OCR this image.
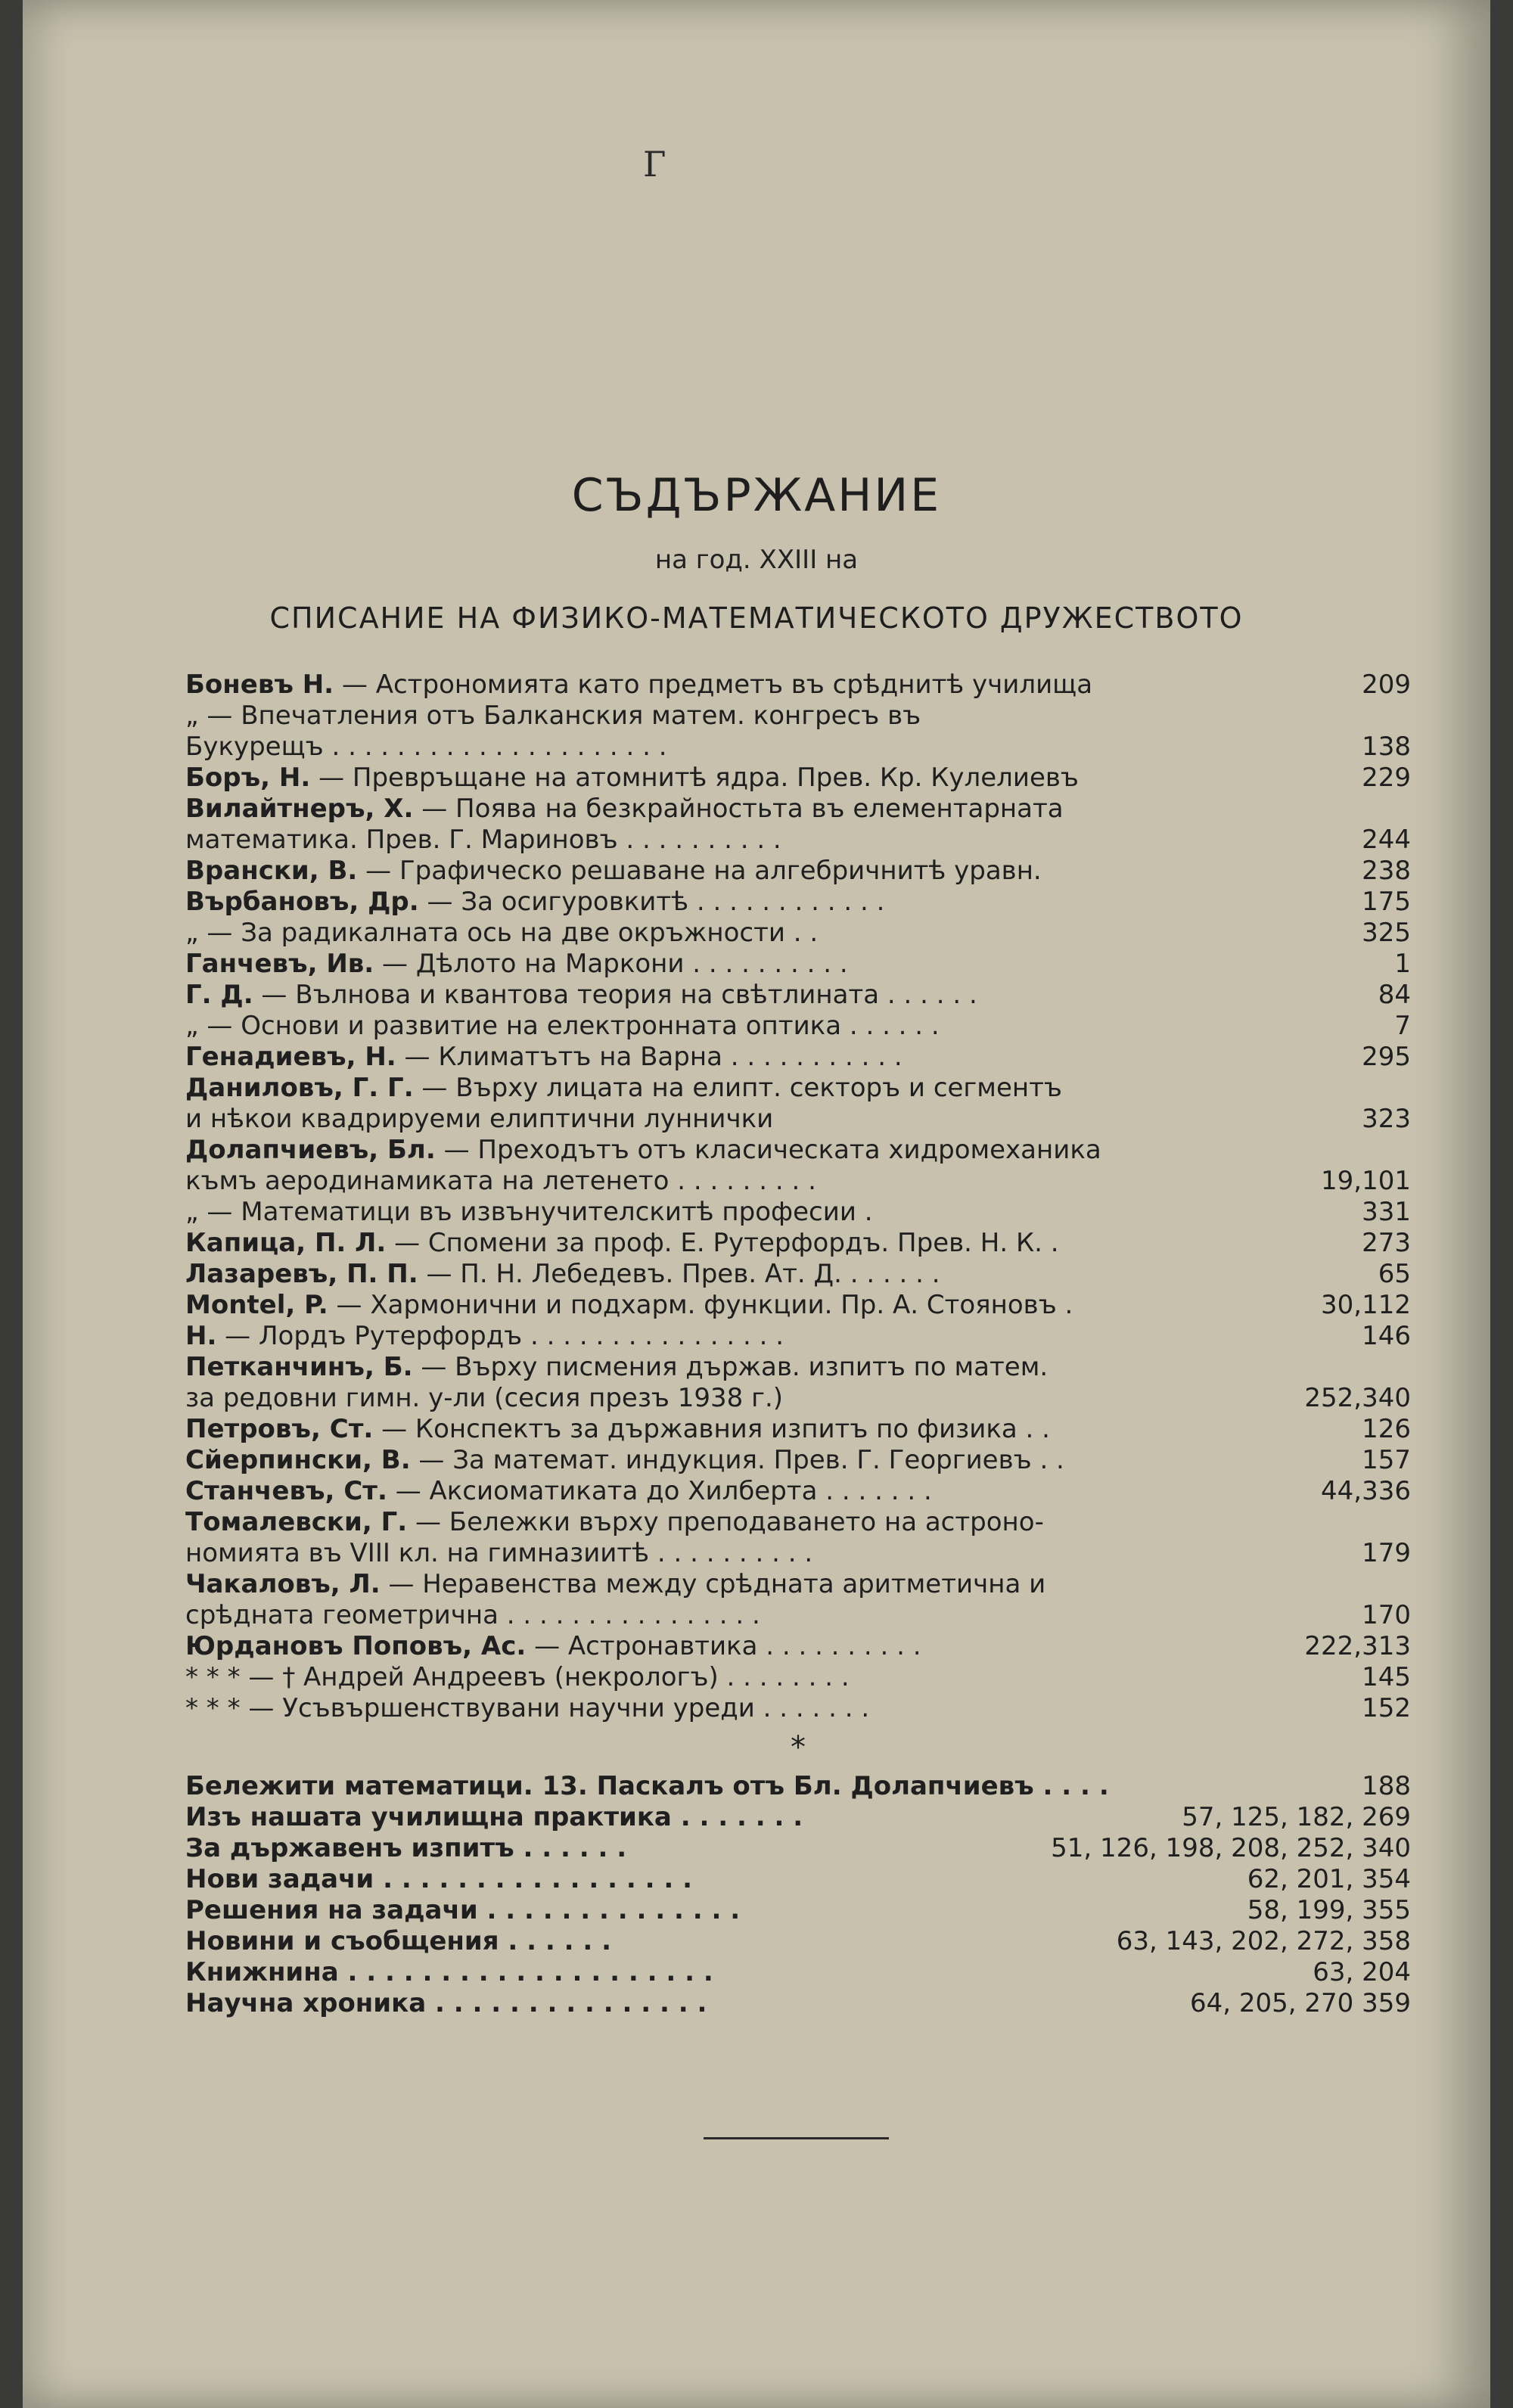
Г
СЪДЪРЖАНИЕ
на год. XXIII на
СПИСАНИЕ НА ФИЗИКО-МАТЕМАТИЧЕСКОТО ДРУЖЕСТВОТО
Боневъ Н. — Астрономията като предметъ въ срѣднитѣ училища	209
„ — Впечатления отъ Балканския матем. конгресъ въ
Букурещъ . . . . . . . . . . . . . . . . . . . . .	138
Боръ, Н. — Превръщане на атомнитѣ ядра. Прев. Кр. Кулелиевъ	229
Вилайтнеръ, Х. — Поява на безкрайностьта въ елементарната
математика. Прев. Г. Мариновъ . . . . . . . . . .	244
Врански, В. — Графическо решаване на алгебричнитѣ уравн.	238
Върбановъ, Др. — За осигуровкитѣ . . . . . . . . . . . .	175
„ — За радикалната ось на две окръжности . .	325
Ганчевъ, Ив. — Дѣлото на Маркони . . . . . . . . . .	1
Г. Д. — Вълнова и квантова теория на свѣтлината . . . . . .	84
„ — Основи и развитие на електронната оптика . . . . . .	7
Генадиевъ, Н. — Климатътъ на Варна . . . . . . . . . . .	295
Даниловъ, Г. Г. — Върху лицата на елипт. секторъ и сегментъ
и нѣкои квадрируеми елиптични луннички	323
Долапчиевъ, Бл. — Преходътъ отъ класическата хидромеханика
къмъ аеродинамиката на летенето . . . . . . . . .	19,101
„ — Математици въ извънучителскитѣ професии .	331
Капица, П. Л. — Спомени за проф. Е. Рутерфордъ. Прев. Н. К. .	273
Лазаревъ, П. П. — П. Н. Лебедевъ. Прев. Ат. Д. . . . . . .	65
Montel, P. — Хармонични и подхарм. функции. Пр. А. Стояновъ .	30,112
Н. — Лордъ Рутерфордъ . . . . . . . . . . . . . . . .	146
Петканчинъ, Б. — Върху писмения държав. изпитъ по матем.
за редовни гимн. у-ли (сесия презъ 1938 г.)	252,340
Петровъ, Ст. — Конспектъ за държавния изпитъ по физика . .	126
Сйерпински, В. — За математ. индукция. Прев. Г. Георгиевъ . .	157
Станчевъ, Ст. — Аксиоматиката до Хилберта . . . . . . .	44,336
Томалевски, Г. — Бележки върху преподаването на астроно-
номията въ VIII кл. на гимназиитѣ . . . . . . . . . .	179
Чакаловъ, Л. — Неравенства между срѣдната аритметична и
срѣдната геометрична . . . . . . . . . . . . . . . .	170
Юрдановъ Поповъ, Ас. — Астронавтика . . . . . . . . . .	222,313
* * * — † Андрей Андреевъ (некрологъ) . . . . . . . .	145
* * * — Усъвършенствувани научни уреди . . . . . . .	152
*
Бележити математици. 13. Паскалъ отъ Бл. Долапчиевъ . . . .	188
Изъ нашата училищна практика . . . . . . .	57, 125, 182, 269
За държавенъ изпитъ . . . . . .	51, 126, 198, 208, 252, 340
Нови задачи . . . . . . . . . . . . . . . . .	62, 201, 354
Решения на задачи . . . . . . . . . . . . . .	58, 199, 355
Новини и съобщения . . . . . .	63, 143, 202, 272, 358
Книжнина . . . . . . . . . . . . . . . . . . . .	63, 204
Научна хроника . . . . . . . . . . . . . . .	64, 205, 270 359
